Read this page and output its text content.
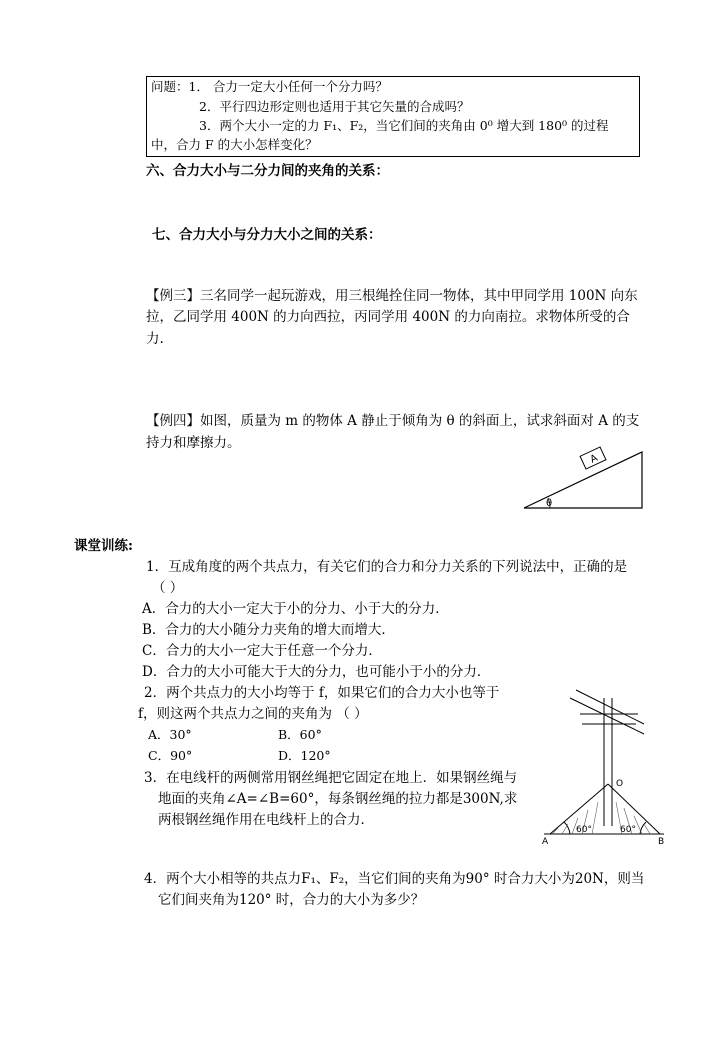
问题：1． 合力一定大小任何一个分力吗？
2．平行四边形定则也适用于其它矢量的合成吗？
3．两个大小一定的力 F₁、F₂，当它们间的夹角由 0⁰ 增大到 180⁰ 的过程
中，合力 F 的大小怎样变化？
六、合力大小与二分力间的夹角的关系：
七、合力大小与分力大小之间的关系：
【例三】三名同学一起玩游戏，用三根绳拴住同一物体，其中甲同学用 100N 向东
拉，乙同学用 400N 的力向西拉，丙同学用 400N 的力向南拉。求物体所受的合
力.
【例四】如图，质量为 m 的物体 A 静止于倾角为 θ 的斜面上，试求斜面对 A 的支
持力和摩擦力。
A
θ
课堂训练:
1．互成角度的两个共点力，有关它们的合力和分力关系的下列说法中，正确的是
（ ）
A．合力的大小一定大于小的分力、小于大的分力．
B．合力的大小随分力夹角的增大而增大．
C．合力的大小一定大于任意一个分力．
D．合力的大小可能大于大的分力，也可能小于小的分力．
2．两个共点力的大小均等于 f，如果它们的合力大小也等于
f，则这两个共点力之间的夹角为 （ ）
A．30°	B．60°
C．90°	D．120°
3．在电线杆的两侧常用钢丝绳把它固定在地上．如果钢丝绳与
地面的夹角∠A=∠B=60°，每条钢丝绳的拉力都是300N,求
两根钢丝绳作用在电线杆上的合力．
O
A	B
60°	60°
4．两个大小相等的共点力F₁、F₂，当它们间的夹角为90° 时合力大小为20N，则当
它们间夹角为120° 时，合力的大小为多少？
